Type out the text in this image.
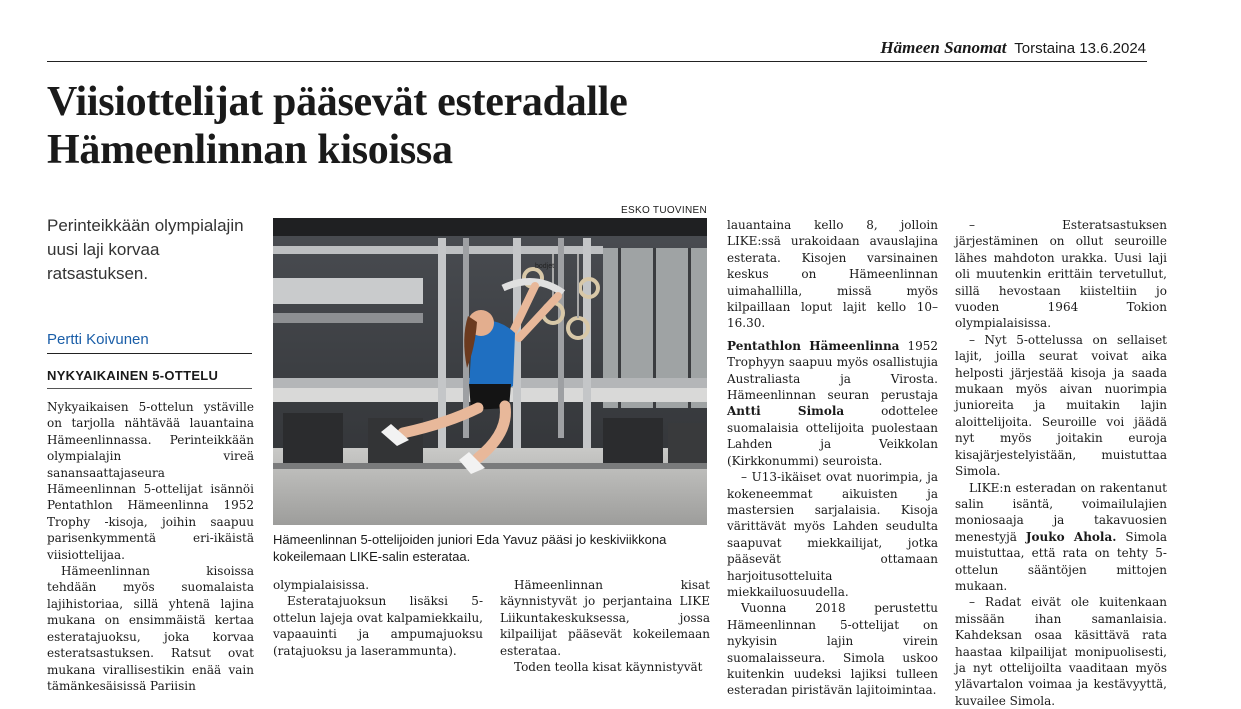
Hämeen Sanomat Torstaina 13.6.2024
Viisiottelijat pääsevät esteradalle
Hämeenlinnan kisoissa
Perinteikkään olympialajin uusi laji korvaa ratsastuksen.
Pertti Koivunen
NYKYAIKAINEN 5-OTTELU

Nykyaikaisen 5-ottelun ystäville on tarjolla nähtävää lauantaina Hämeenlinnassa. Perinteikkään olympialajin vireä sanansaattajaseura Hämeenlinnan 5-ottelijat isännöi Pentathlon Hämeenlinna 1952 Trophy -kisoja, joihin saapuu parisenkymmentä eri-ikäistä viisiottelijaa.

Hämeenlinnan kisoissa tehdään myös suomalaista lajihistoriaa, sillä yhtenä lajina mukana on ensimmäistä kertaa esteratajuoksu, joka korvaa esteratsastuksen. Ratsut ovat mukana virallisestikin enää vain tämänkesäisissä Pariisin

ESKO TUOVINEN
bodjet
Hämeenlinnan 5-ottelijoiden juniori Eda Yavuz pääsi jo keskiviikkona kokeilemaan LIKE-salin esterataa.

olympialaisissa.

Esteratajuoksun lisäksi 5-ottelun lajeja ovat kalpamiekkailu, vapaauinti ja ampumajuoksu (ratajuoksu ja laserammunta).

Hämeenlinnan kisat käynnistyvät jo perjantaina LIKE Liikuntakeskuksessa, jossa kilpailijat pääsevät kokeilemaan esterataa.

Toden teolla kisat käynnistyvät

lauantaina kello 8, jolloin LIKE:ssä urakoidaan avauslajina esterata. Kisojen varsinainen keskus on Hämeenlinnan uimahallilla, missä myös kilpaillaan loput lajit kello 10–16.30.

Pentathlon Hämeenlinna 1952 Trophyyn saapuu myös osallistujia Australiasta ja Virosta. Hämeenlinnan seuran perustaja Antti Simola odottelee suomalaisia ottelijoita puolestaan Lahden ja Veikkolan (Kirkkonummi) seuroista.

– U13-ikäiset ovat nuorimpia, ja kokeneemmat aikuisten ja mastersien sarjalaisia. Kisoja värittävät myös Lahden seudulta saapuvat miekkailijat, jotka pääsevät ottamaan harjoitusotteluita miekkailuosuudella.

Vuonna 2018 perustettu Hämeenlinnan 5-ottelijat on nykyisin lajin virein suomalaisseura. Simola uskoo kuitenkin uudeksi lajiksi tulleen esteradan piristävän lajitoimintaa.

– Esteratsastuksen järjestäminen on ollut seuroille lähes mahdoton urakka. Uusi laji oli muutenkin erittäin tervetullut, sillä hevostaan kiisteltiin jo vuoden 1964 Tokion olympialaisissa.

– Nyt 5-ottelussa on sellaiset lajit, joilla seurat voivat aika helposti järjestää kisoja ja saada mukaan myös aivan nuorimpia junioreita ja muitakin lajin aloittelijoita. Seuroille voi jäädä nyt myös joitakin euroja kisajärjestelyistään, muistuttaa Simola.

LIKE:n esteradan on rakentanut salin isäntä, voimailulajien moniosaaja ja takavuosien menestyjä Jouko Ahola. Simola muistuttaa, että rata on tehty 5-ottelun sääntöjen mittojen mukaan.

– Radat eivät ole kuitenkaan missään ihan samanlaisia. Kahdeksan osaa käsittävä rata haastaa kilpailijat monipuolisesti, ja nyt ottelijoilta vaaditaan myös ylävartalon voimaa ja kestävyyttä, kuvailee Simola.
